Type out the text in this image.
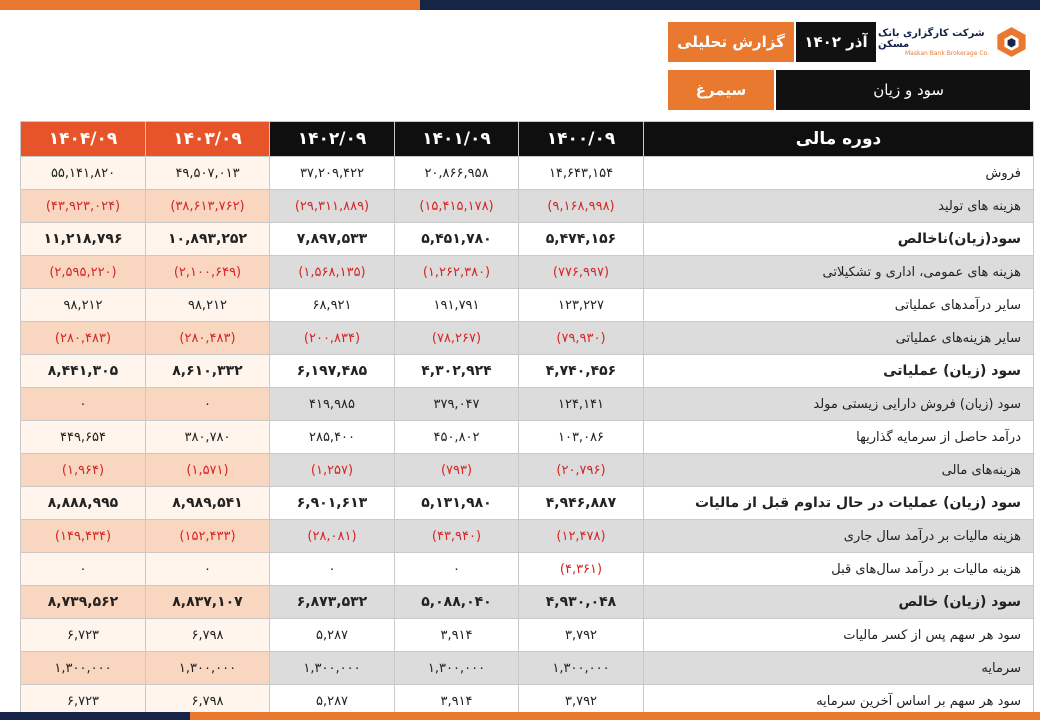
گزارش تحلیلی	آذر ۱۴۰۲	شرکت کارگزاری بانک مسکن
Maskan Bank Brokerage Co.
سیمرغ	سود و زیان
۱۴۰۴/۰۹	۱۴۰۳/۰۹	۱۴۰۲/۰۹	۱۴۰۱/۰۹	۱۴۰۰/۰۹	دوره مالی
۵۵,۱۴۱,۸۲۰	۴۹,۵۰۷,۰۱۳	۳۷,۲۰۹,۴۲۲	۲۰,۸۶۶,۹۵۸	۱۴,۶۴۳,۱۵۴	فروش
(۴۳,۹۲۳,۰۲۴)	(۳۸,۶۱۳,۷۶۲)	(۲۹,۳۱۱,۸۸۹)	(۱۵,۴۱۵,۱۷۸)	(۹,۱۶۸,۹۹۸)	هزینه های تولید
۱۱,۲۱۸,۷۹۶	۱۰,۸۹۳,۲۵۲	۷,۸۹۷,۵۳۳	۵,۴۵۱,۷۸۰	۵,۴۷۴,۱۵۶	سود(زیان)ناخالص
(۲,۵۹۵,۲۲۰)	(۲,۱۰۰,۶۴۹)	(۱,۵۶۸,۱۳۵)	(۱,۲۶۲,۳۸۰)	(۷۷۶,۹۹۷)	هزینه های عمومی، اداری و تشکیلاتی
۹۸,۲۱۲	۹۸,۲۱۲	۶۸,۹۲۱	۱۹۱,۷۹۱	۱۲۳,۲۲۷	سایر درآمدهای عملیاتی
(۲۸۰,۴۸۳)	(۲۸۰,۴۸۳)	(۲۰۰,۸۳۴)	(۷۸,۲۶۷)	(۷۹,۹۳۰)	سایر هزینه‌های عملیاتی
۸,۴۴۱,۳۰۵	۸,۶۱۰,۳۳۲	۶,۱۹۷,۴۸۵	۴,۳۰۲,۹۲۴	۴,۷۴۰,۴۵۶	سود (زیان) عملیاتی
۰	۰	۴۱۹,۹۸۵	۳۷۹,۰۴۷	۱۲۴,۱۴۱	سود (زیان) فروش دارایی زیستی مولد
۴۴۹,۶۵۴	۳۸۰,۷۸۰	۲۸۵,۴۰۰	۴۵۰,۸۰۲	۱۰۳,۰۸۶	درآمد حاصل از سرمایه گذاریها
(۱,۹۶۴)	(۱,۵۷۱)	(۱,۲۵۷)	(۷۹۳)	(۲۰,۷۹۶)	هزینه‌های مالی
۸,۸۸۸,۹۹۵	۸,۹۸۹,۵۴۱	۶,۹۰۱,۶۱۳	۵,۱۳۱,۹۸۰	۴,۹۴۶,۸۸۷	سود (زیان) عملیات در حال تداوم قبل از مالیات
(۱۴۹,۴۳۴)	(۱۵۲,۴۳۳)	(۲۸,۰۸۱)	(۴۳,۹۴۰)	(۱۲,۴۷۸)	هزینه مالیات بر درآمد سال جاری
۰	۰	۰	۰	(۴,۳۶۱)	هزینه مالیات بر درآمد سال‌های قبل
۸,۷۳۹,۵۶۲	۸,۸۳۷,۱۰۷	۶,۸۷۳,۵۳۲	۵,۰۸۸,۰۴۰	۴,۹۳۰,۰۴۸	سود (زیان) خالص
۶,۷۲۳	۶,۷۹۸	۵,۲۸۷	۳,۹۱۴	۳,۷۹۲	سود هر سهم پس از کسر مالیات
۱,۳۰۰,۰۰۰	۱,۳۰۰,۰۰۰	۱,۳۰۰,۰۰۰	۱,۳۰۰,۰۰۰	۱,۳۰۰,۰۰۰	سرمایه
۶,۷۲۳	۶,۷۹۸	۵,۲۸۷	۳,۹۱۴	۳,۷۹۲	سود هر سهم بر اساس آخرین سرمایه
